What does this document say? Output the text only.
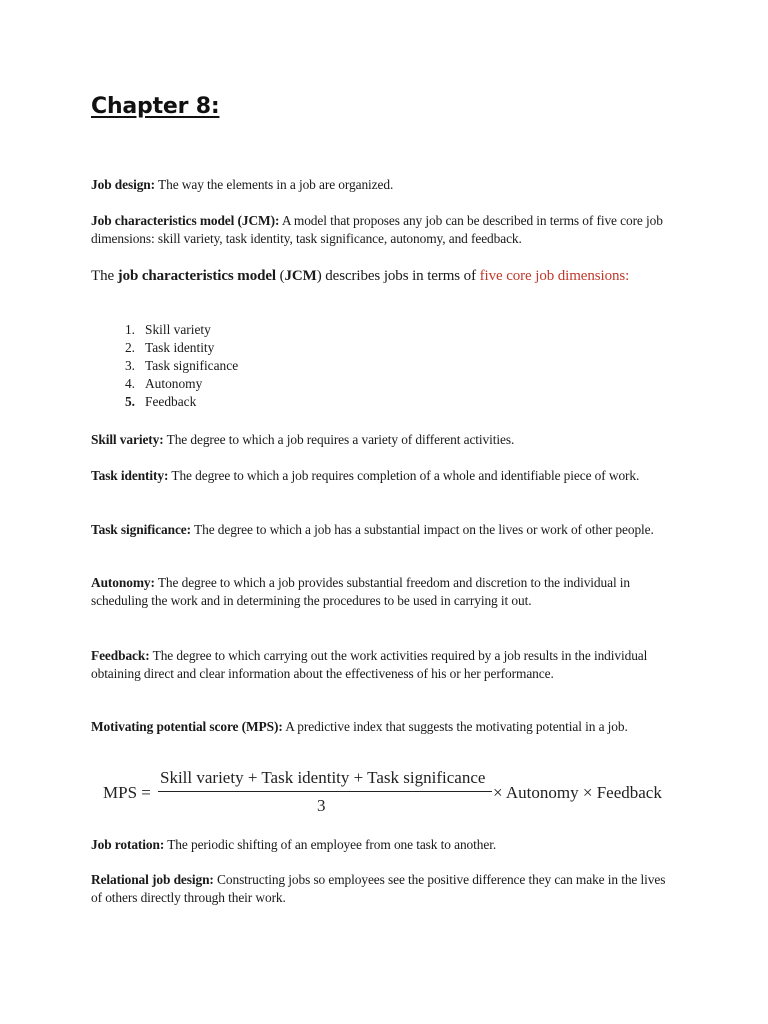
Chapter 8:

Job design: The way the elements in a job are organized.

Job characteristics model (JCM): A model that proposes any job can be described in terms of five core job dimensions: skill variety, task identity, task significance, autonomy, and feedback.

The job characteristics model (JCM) describes jobs in terms of five core job dimensions:

1. Skill variety
2. Task identity
3. Task significance
4. Autonomy
5. Feedback

Skill variety: The degree to which a job requires a variety of different activities.

Task identity: The degree to which a job requires completion of a whole and identifiable piece of work.

Task significance: The degree to which a job has a substantial impact on the lives or work of other people.

Autonomy: The degree to which a job provides substantial freedom and discretion to the individual in scheduling the work and in determining the procedures to be used in carrying it out.

Feedback: The degree to which carrying out the work activities required by a job results in the individual obtaining direct and clear information about the effectiveness of his or her performance.

Motivating potential score (MPS): A predictive index that suggests the motivating potential in a job.

MPS =
Skill variety + Task identity + Task significance
3
× Autonomy × Feedback

Job rotation: The periodic shifting of an employee from one task to another.

Relational job design: Constructing jobs so employees see the positive difference they can make in the lives of others directly through their work.
